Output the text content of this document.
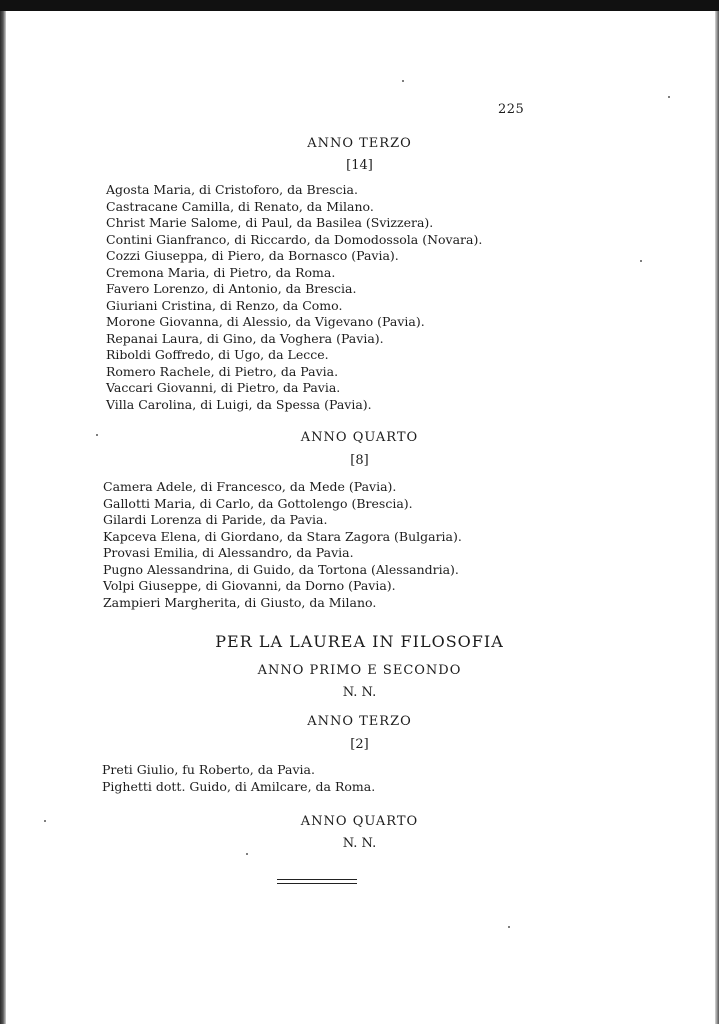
225
ANNO TERZO
[14]
Agosta Maria, di Cristoforo, da Brescia.
Castracane Camilla, di Renato, da Milano.
Christ Marie Salome, di Paul, da Basilea (Svizzera).
Contini Gianfranco, di Riccardo, da Domodossola (Novara).
Cozzi Giuseppa, di Piero, da Bornasco (Pavia).
Cremona Maria, di Pietro, da Roma.
Favero Lorenzo, di Antonio, da Brescia.
Giuriani Cristina, di Renzo, da Como.
Morone Giovanna, di Alessio, da Vigevano (Pavia).
Repanai Laura, di Gino, da Voghera (Pavia).
Riboldi Goffredo, di Ugo, da Lecce.
Romero Rachele, di Pietro, da Pavia.
Vaccari Giovanni, di Pietro, da Pavia.
Villa Carolina, di Luigi, da Spessa (Pavia).
ANNO QUARTO
[8]
Camera Adele, di Francesco, da Mede (Pavia).
Gallotti Maria, di Carlo, da Gottolengo (Brescia).
Gilardi Lorenza di Paride, da Pavia.
Kapceva Elena, di Giordano, da Stara Zagora (Bulgaria).
Provasi Emilia, di Alessandro, da Pavia.
Pugno Alessandrina, di Guido, da Tortona (Alessandria).
Volpi Giuseppe, di Giovanni, da Dorno (Pavia).
Zampieri Margherita, di Giusto, da Milano.
PER LA LAUREA IN FILOSOFIA
ANNO PRIMO E SECONDO
N. N.
ANNO TERZO
[2]
Preti Giulio, fu Roberto, da Pavia.
Pighetti dott. Guido, di Amilcare, da Roma.
ANNO QUARTO
N. N.
